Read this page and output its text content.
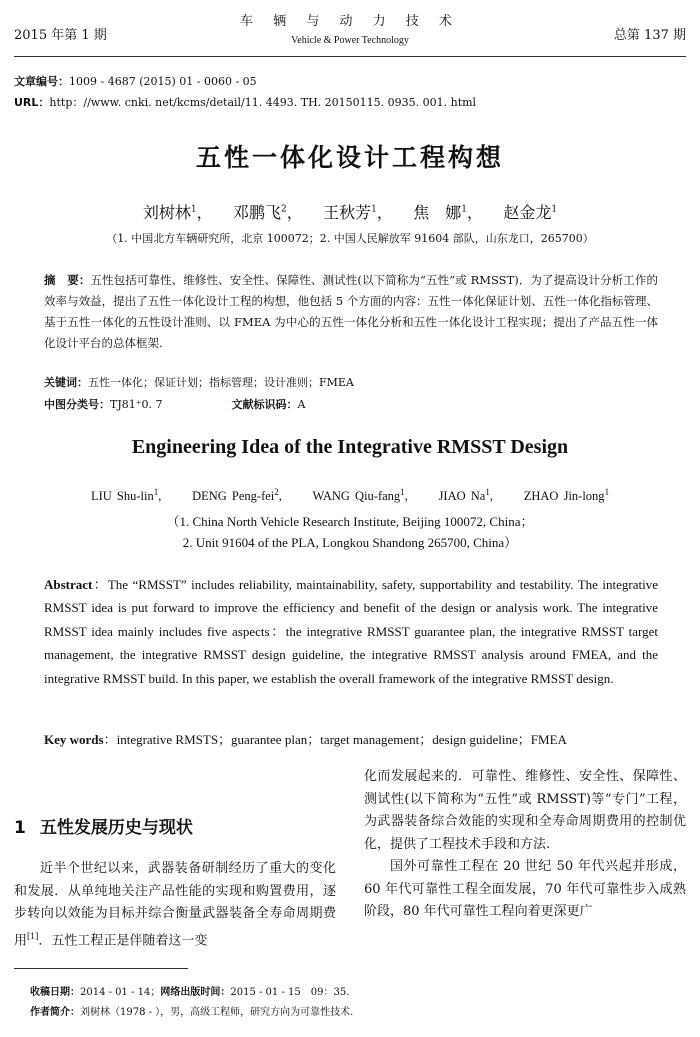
2015 年第 1 期
车 辆 与 动 力 技 术
Vehicle & Power Technology	总第 137 期
文章编号：1009 - 4687 (2015) 01 - 0060 - 05
URL：http：//www. cnki. net/kcms/detail/11. 4493. TH. 20150115. 0935. 001. html
五性一体化设计工程构想
刘树林$^1$， 邓鹏飞$^2$， 王秋芳$^1$， 焦　娜$^1$， 赵金龙$^1$
（1. 中国北方车辆研究所，北京 100072；2. 中国人民解放军 91604 部队，山东龙口，265700）
摘　要：五性包括可靠性、维修性、安全性、保障性、测试性(以下简称为“五性”或 RMSST)．为了提高设计分析工作的效率与效益，提出了五性一体化设计工程的构想，他包括 5 个方面的内容：五性一体化保证计划、五性一体化指标管理、基于五性一体化的五性设计准则、以 FMEA 为中心的五性一体化分析和五性一体化设计工程实现；提出了产品五性一体化设计平台的总体框架.
关键词：五性一体化；保证计划；指标管理；设计准则；FMEA
中图分类号：TJ81⁺0. 7	文献标识码：A
Engineering Idea of the Integrative RMSST Design
LIU Shu-lin$^1$, DENG Peng-fei$^2$, WANG Qiu-fang$^1$, JIAO Na$^1$, ZHAO Jin-long$^1$
（1. China North Vehicle Research Institute, Beijing 100072, China；
2. Unit 91604 of the PLA, Longkou Shandong 265700, China）
Abstract：The “RMSST” includes reliability, maintainability, safety, supportability and testability. The integrative RMSST idea is put forward to improve the efficiency and benefit of the design or analysis work. The integrative RMSST idea mainly includes five aspects：the integrative RMSST guarantee plan, the integrative RMSST target management, the integrative RMSST design guideline, the integrative RMSST analysis around FMEA, and the integrative RMSST build. In this paper, we establish the overall framework of the integrative RMSST design.
Key words：integrative RMSTS；guarantee plan；target management；design guideline；FMEA
1 五性发展历史与现状

近半个世纪以来，武器装备研制经历了重大的变化和发展．从单纯地关注产品性能的实现和购置费用，逐步转向以效能为目标并综合衡量武器装备全寿命周期费用[1]．五性工程正是伴随着这一变

化而发展起来的．可靠性、维修性、安全性、保障性、测试性(以下简称为“五性”或 RMSST)等“专门”工程，为武器装备综合效能的实现和全寿命周期费用的控制优化，提供了工程技术手段和方法.

国外可靠性工程在 20 世纪 50 年代兴起并形成，60 年代可靠性工程全面发展，70 年代可靠性步入成熟阶段，80 年代可靠性工程向着更深更广

收稿日期：2014 - 01 - 14；网络出版时间：2015 - 01 - 15　09：35.
作者简介：刘树林（1978 - ），男，高级工程师，研究方向为可靠性技术.
